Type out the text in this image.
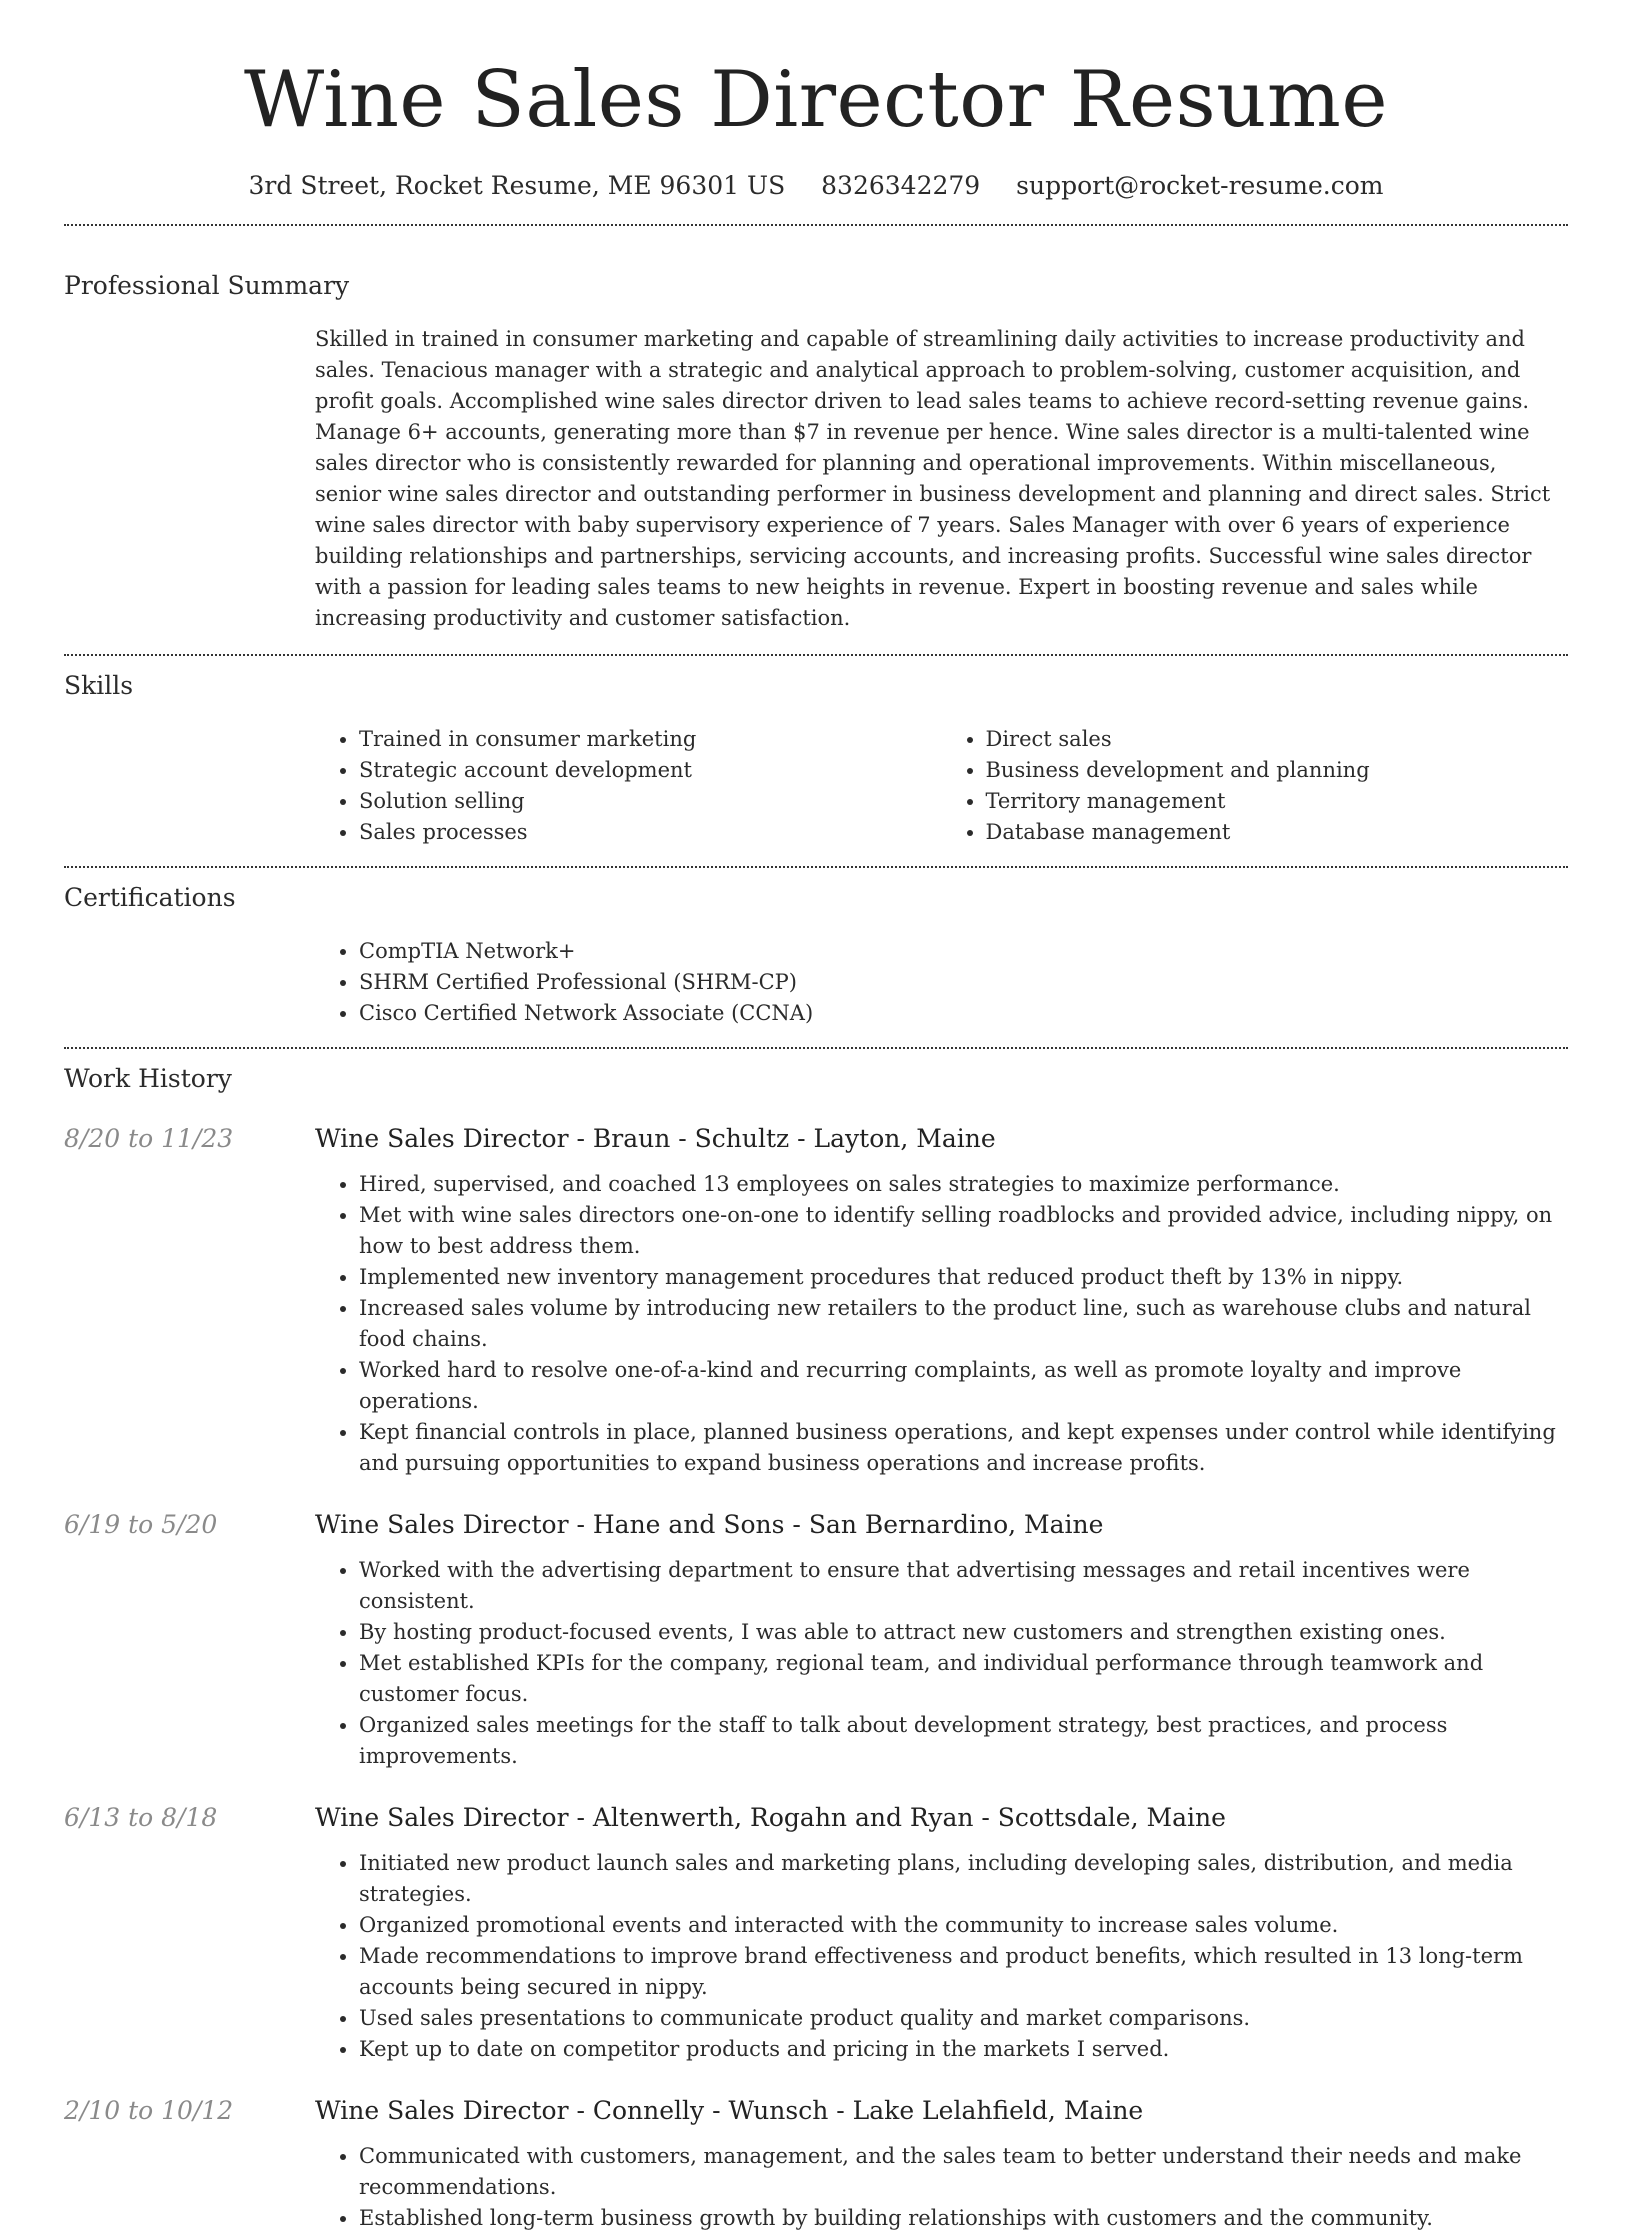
Wine Sales Director Resume
3rd Street, Rocket Resume, ME 96301 US 8326342279 support@rocket-resume.com
Professional Summary
Skilled in trained in consumer marketing and capable of streamlining daily activities to increase productivity and sales. Tenacious manager with a strategic and analytical approach to problem-solving, customer acquisition, and profit goals. Accomplished wine sales director driven to lead sales teams to achieve record-setting revenue gains. Manage 6+ accounts, generating more than $7 in revenue per hence. Wine sales director is a multi-talented wine sales director who is consistently rewarded for planning and operational improvements. Within miscellaneous, senior wine sales director and outstanding performer in business development and planning and direct sales. Strict wine sales director with baby supervisory experience of 7 years. Sales Manager with over 6 years of experience building relationships and partnerships, servicing accounts, and increasing profits. Successful wine sales director with a passion for leading sales teams to new heights in revenue. Expert in boosting revenue and sales while increasing productivity and customer satisfaction.
Skills
• Trained in consumer marketing
• Strategic account development
• Solution selling
• Sales processes
• Direct sales
• Business development and planning
• Territory management
• Database management
Certifications
• CompTIA Network+
• SHRM Certified Professional (SHRM-CP)
• Cisco Certified Network Associate (CCNA)
Work History
8/20 to 11/23	Wine Sales Director - Braun - Schultz - Layton, Maine
• Hired, supervised, and coached 13 employees on sales strategies to maximize performance.
• Met with wine sales directors one-on-one to identify selling roadblocks and provided advice, including nippy, on how to best address them.
• Implemented new inventory management procedures that reduced product theft by 13% in nippy.
• Increased sales volume by introducing new retailers to the product line, such as warehouse clubs and natural food chains.
• Worked hard to resolve one-of-a-kind and recurring complaints, as well as promote loyalty and improve operations.
• Kept financial controls in place, planned business operations, and kept expenses under control while identifying and pursuing opportunities to expand business operations and increase profits.
6/19 to 5/20	Wine Sales Director - Hane and Sons - San Bernardino, Maine
• Worked with the advertising department to ensure that advertising messages and retail incentives were consistent.
• By hosting product-focused events, I was able to attract new customers and strengthen existing ones.
• Met established KPIs for the company, regional team, and individual performance through teamwork and customer focus.
• Organized sales meetings for the staff to talk about development strategy, best practices, and process improvements.
6/13 to 8/18	Wine Sales Director - Altenwerth, Rogahn and Ryan - Scottsdale, Maine
• Initiated new product launch sales and marketing plans, including developing sales, distribution, and media strategies.
• Organized promotional events and interacted with the community to increase sales volume.
• Made recommendations to improve brand effectiveness and product benefits, which resulted in 13 long-term accounts being secured in nippy.
• Used sales presentations to communicate product quality and market comparisons.
• Kept up to date on competitor products and pricing in the markets I served.
2/10 to 10/12	Wine Sales Director - Connelly - Wunsch - Lake Lelahfield, Maine
• Communicated with customers, management, and the sales team to better understand their needs and make recommendations.
• Established long-term business growth by building relationships with customers and the community.
